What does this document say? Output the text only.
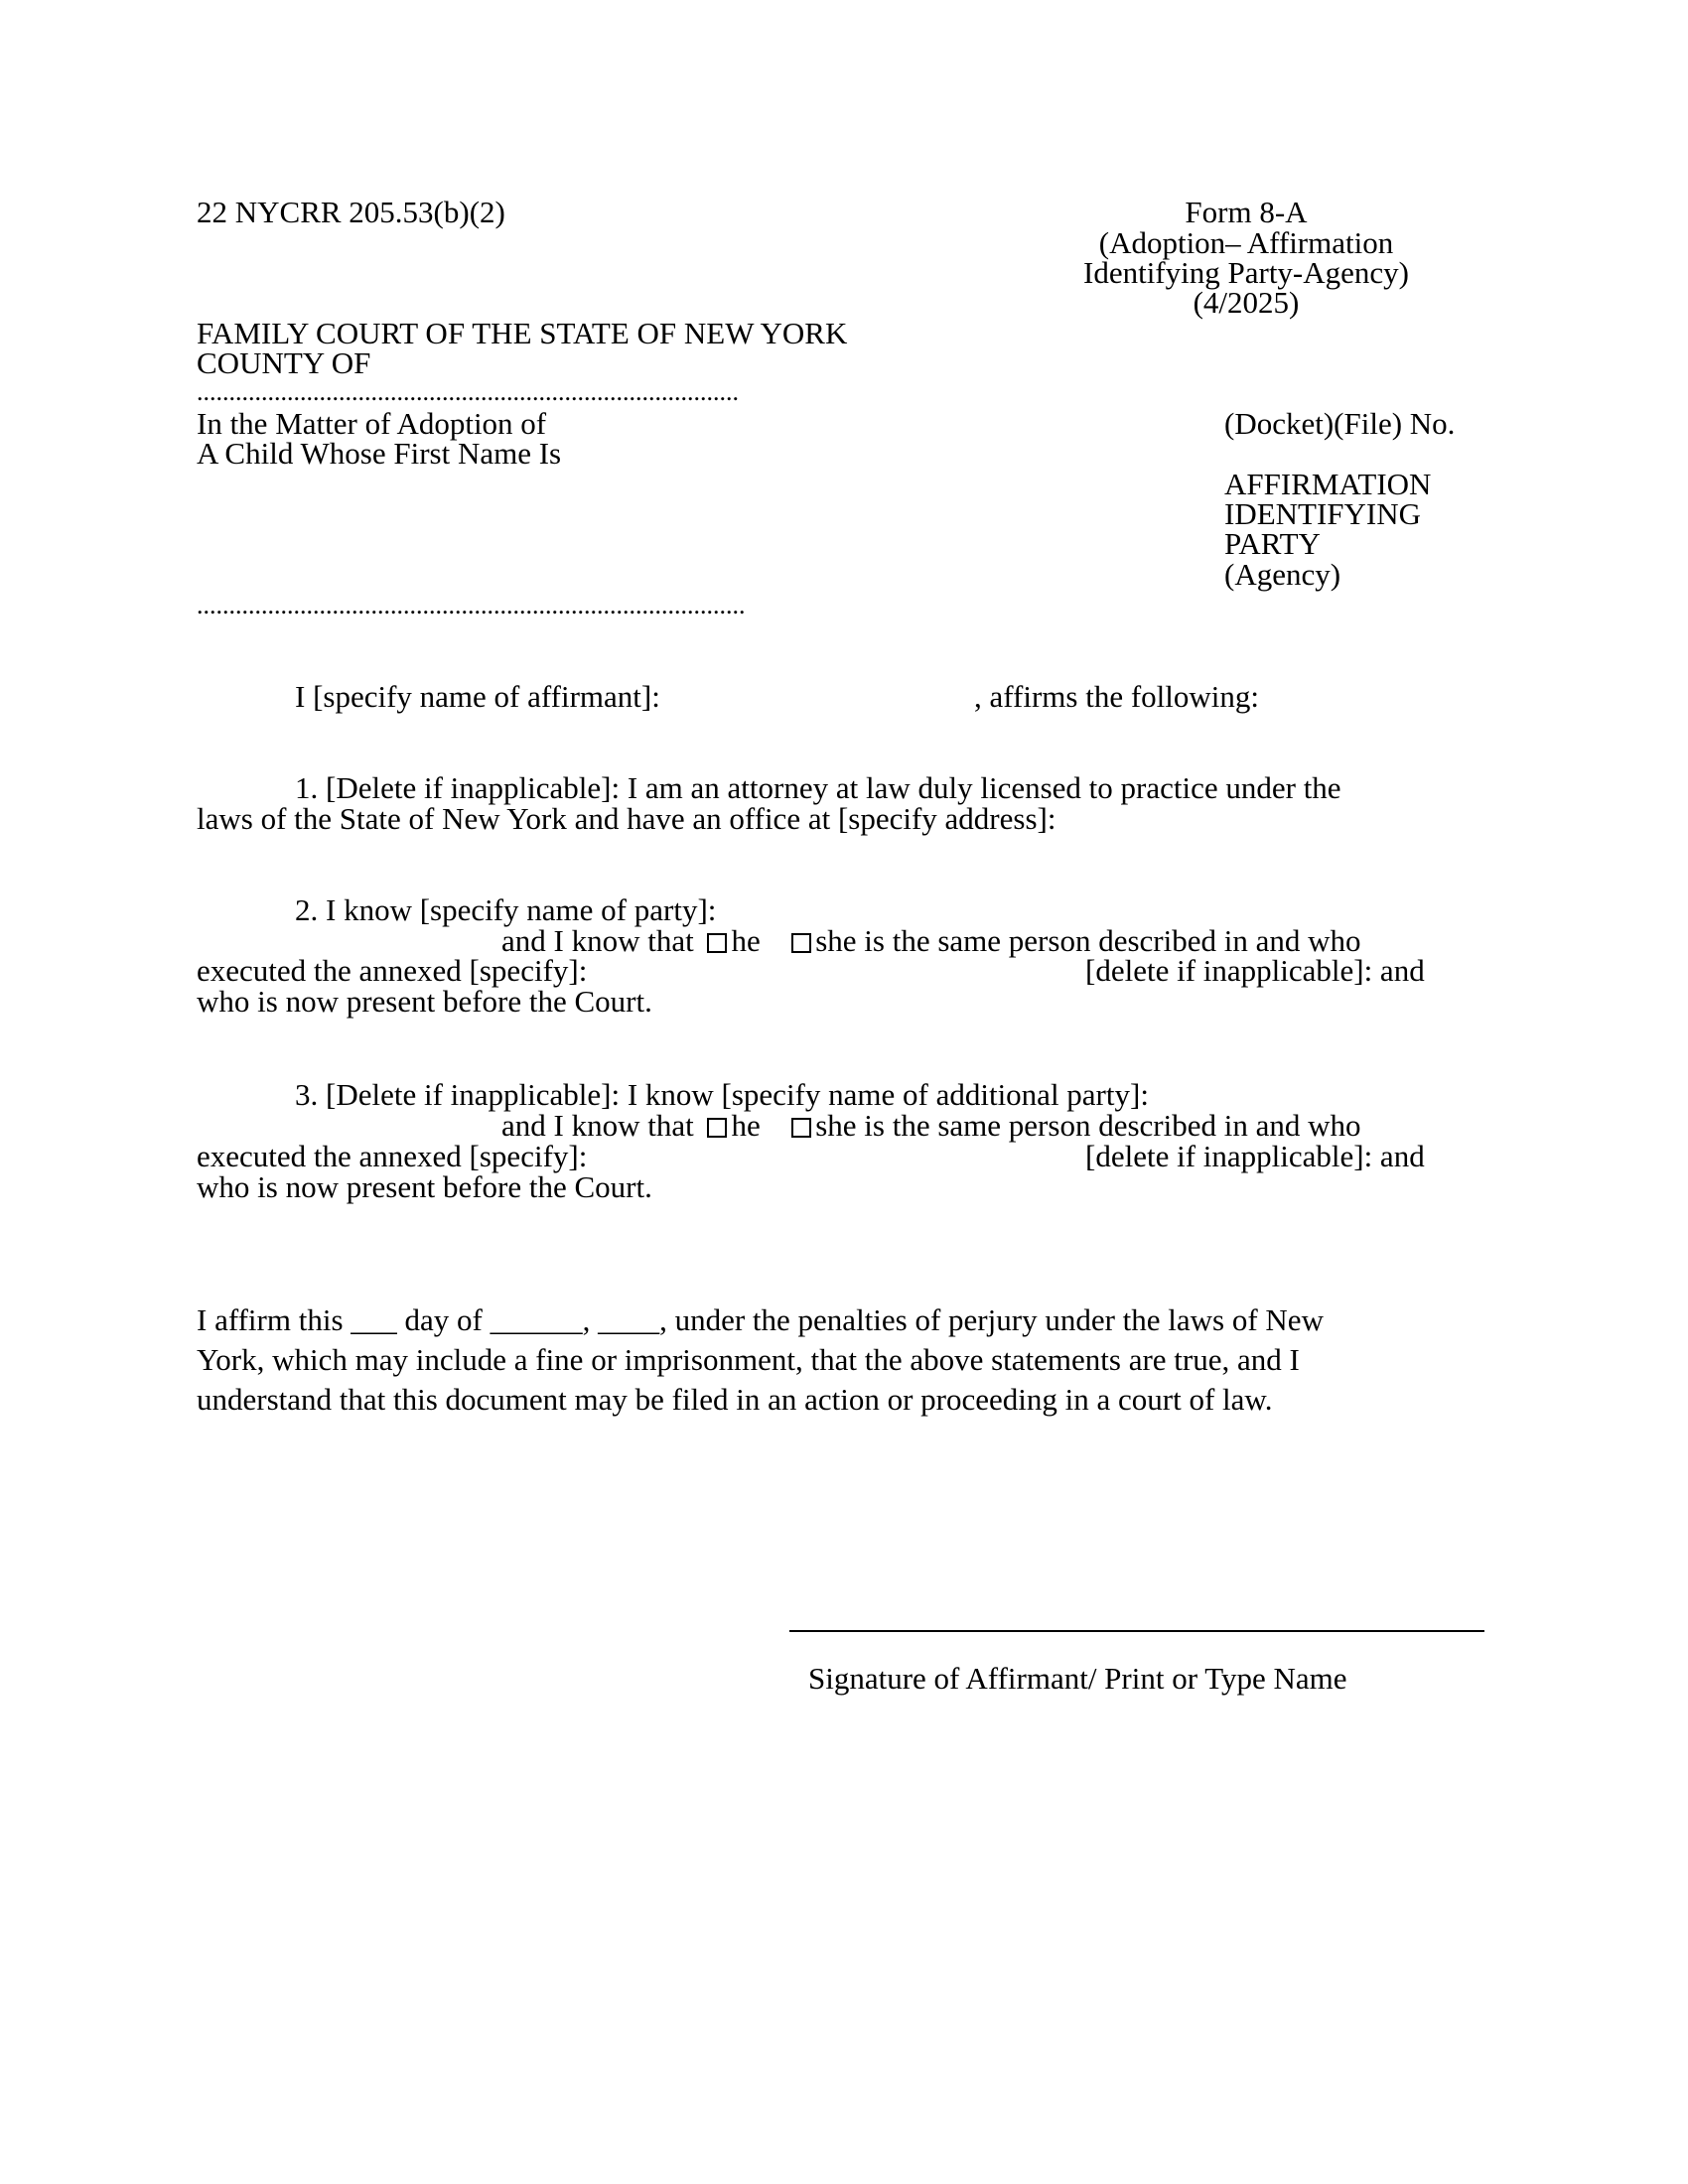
22 NYCRR 205.53(b)(2)	Form 8-A
(Adoption– Affirmation
Identifying Party-Agency)
(4/2025)
FAMILY COURT OF THE STATE OF NEW YORK
COUNTY OF
....................................................................................
In the Matter of Adoption of
A Child Whose First Name Is
(Docket)(File) No.
AFFIRMATION
IDENTIFYING
PARTY
(Agency)
.....................................................................................
I [specify name of affirmant]:	, affirms the following:
1. [Delete if inapplicable]: I am an attorney at law duly licensed to practice under the
laws of the State of New York and have an office at [specify address]:
2. I know [specify name of party]:
and I know that he she is the same person described in and who
executed the annexed [specify]:	[delete if inapplicable]: and
who is now present before the Court.
3. [Delete if inapplicable]: I know [specify name of additional party]:
and I know that he she is the same person described in and who
executed the annexed [specify]:	[delete if inapplicable]: and
who is now present before the Court.
I affirm this ___ day of ______, ____, under the penalties of perjury under the laws of New
York, which may include a fine or imprisonment, that the above statements are true, and I
understand that this document may be filed in an action or proceeding in a court of law.
Signature of Affirmant/ Print or Type Name
